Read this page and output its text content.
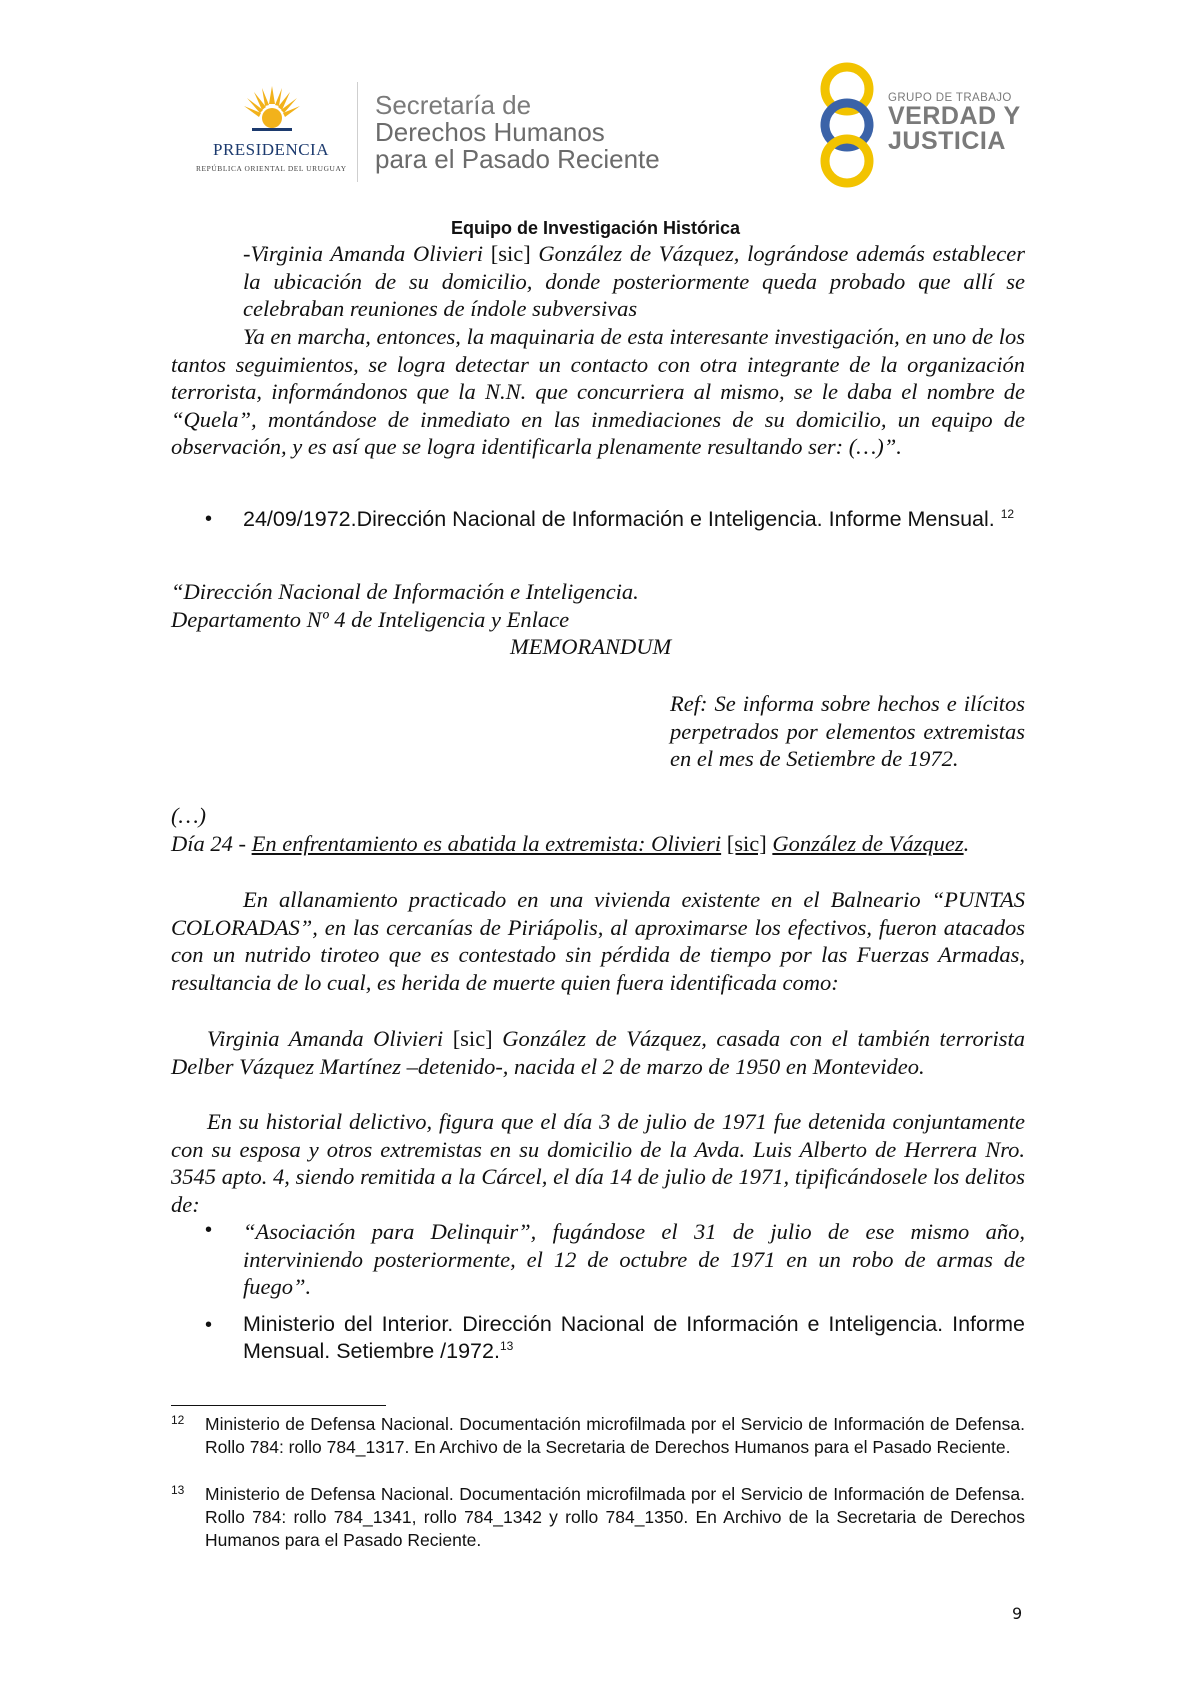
PRESIDENCIA
REPÚBLICA ORIENTAL DEL URUGUAY
Secretaría de
Derechos Humanos
para el Pasado Reciente
GRUPO DE TRABAJO
VERDAD Y
JUSTICIA
Equipo de Investigación Histórica

-Virginia Amanda Olivieri [sic] González de Vázquez, lográndose además establecer la ubicación de su domicilio, donde posteriormente queda probado que allí se celebraban reuniones de índole subversivas

Ya en marcha, entonces, la maquinaria de esta interesante investigación, en uno de los tantos seguimientos, se logra detectar un contacto con otra integrante de la organización terrorista, informándonos que la N.N. que concurriera al mismo, se le daba el nombre de “Quela”, montándose de inmediato en las inmediaciones de su domicilio, un equipo de observación, y es así que se logra identificarla plenamente resultando ser: (…)”.

• 24/09/1972.Dirección Nacional de Información e Inteligencia. Informe Mensual. $^{12}$

“Dirección Nacional de Información e Inteligencia.

Departamento Nº 4 de Inteligencia y Enlace

MEMORANDUM

Ref: Se informa sobre hechos e ilícitos perpetrados por elementos extremistas en el mes de Setiembre de 1972.

(…)

Día 24 - En enfrentamiento es abatida la extremista: Olivieri [sic] González de Vázquez.

En allanamiento practicado en una vivienda existente en el Balneario “PUNTAS COLORADAS”, en las cercanías de Piriápolis, al aproximarse los efectivos, fueron atacados con un nutrido tiroteo que es contestado sin pérdida de tiempo por las Fuerzas Armadas, resultancia de lo cual, es herida de muerte quien fuera identificada como:

Virginia Amanda Olivieri [sic] González de Vázquez, casada con el también terrorista Delber Vázquez Martínez –detenido-, nacida el 2 de marzo de 1950 en Montevideo.

En su historial delictivo, figura que el día 3 de julio de 1971 fue detenida conjuntamente con su esposa y otros extremistas en su domicilio de la Avda. Luis Alberto de Herrera Nro. 3545 apto. 4, siendo remitida a la Cárcel, el día 14 de julio de 1971, tipificándosele los delitos de:

• “Asociación para Delinquir”, fugándose el 31 de julio de ese mismo año, interviniendo posteriormente, el 12 de octubre de 1971 en un robo de armas de fuego”.

• Ministerio del Interior. Dirección Nacional de Información e Inteligencia. Informe Mensual. Setiembre /1972.13

12 Ministerio de Defensa Nacional. Documentación microfilmada por el Servicio de Información de Defensa. Rollo 784: rollo 784_1317. En Archivo de la Secretaria de Derechos Humanos para el Pasado Reciente.

13 Ministerio de Defensa Nacional. Documentación microfilmada por el Servicio de Información de Defensa. Rollo 784: rollo 784_1341, rollo 784_1342 y rollo 784_1350. En Archivo de la Secretaria de Derechos Humanos para el Pasado Reciente.

9
